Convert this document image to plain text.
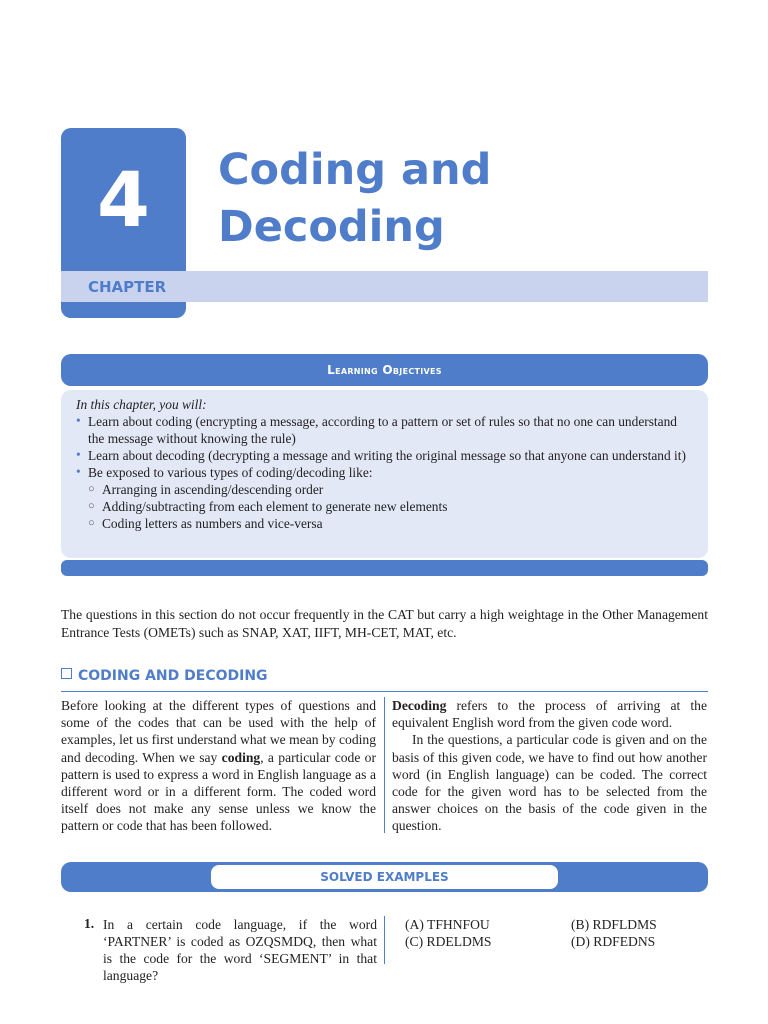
4
CHAPTER
Coding and
Decoding
Learning Objectives

In this chapter, you will:

• Learn about coding (encrypting a message, according to a pattern or set of rules so that no one can understand the message without knowing the rule)
• Learn about decoding (decrypting a message and writing the original message so that anyone can understand it)
• Be exposed to various types of coding/decoding like:
○ Arranging in ascending/descending order
○ Adding/subtracting from each element to generate new elements
○ Coding letters as numbers and vice-versa
The questions in this section do not occur frequently in the CAT but carry a high weightage in the Other Management Entrance Tests (OMETs) such as SNAP, XAT, IIFT, MH-CET, MAT, etc.
CODING AND DECODING

Before looking at the different types of questions and some of the codes that can be used with the help of examples, let us first understand what we mean by coding and decoding. When we say coding, a particular code or pattern is used to express a word in English language as a different word or in a different form. The coded word itself does not make any sense unless we know the pattern or code that has been followed.

Decoding refers to the process of arriving at the equivalent English word from the given code word.

In the questions, a particular code is given and on the basis of this given code, we have to find out how another word (in English language) can be coded. The correct code for the given word has to be selected from the answer choices on the basis of the code given in the question.

SOLVED EXAMPLES
1. In a certain code language, if the word ‘PARTNER’ is coded as OZQSMDQ, then what is the code for the word ‘SEGMENT’ in that language?
(A) TFHNFOU	(B) RDFLDMS
(C) RDELDMS	(D) RDFEDNS
